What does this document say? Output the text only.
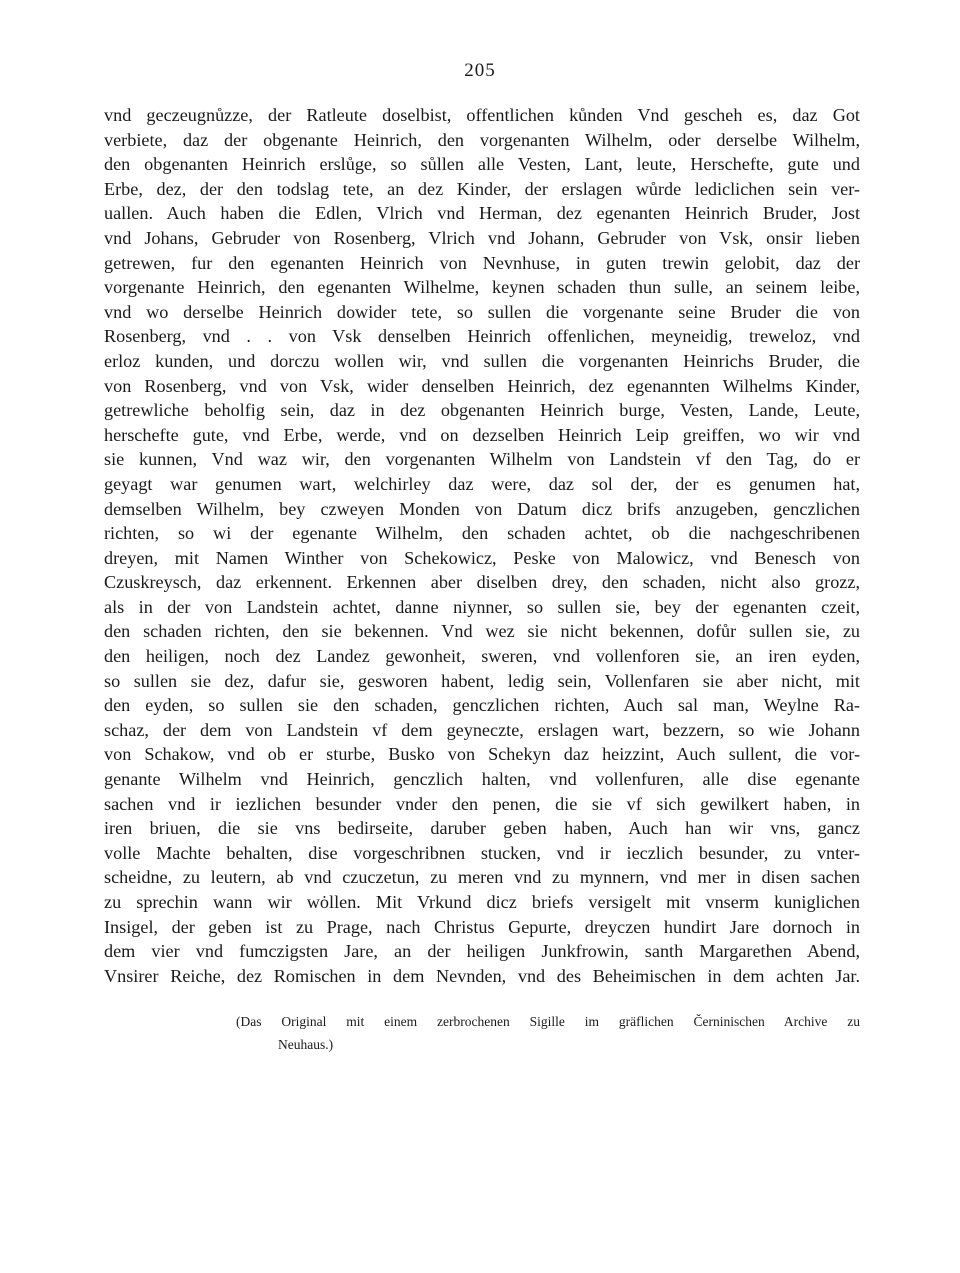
205
vnd geczeugnůzze, der Ratleute doselbist, offentlichen kůnden Vnd gescheh es, daz Got
verbiete, daz der obgenante Heinrich, den vorgenanten Wilhelm, oder derselbe Wilhelm,
den obgenanten Heinrich erslůge, so sůllen alle Vesten, Lant, leute, Herschefte, gute und
Erbe, dez, der den todslag tete, an dez Kinder, der erslagen wůrde lediclichen sein ver-
uallen. Auch haben die Edlen, Vlrich vnd Herman, dez egenanten Heinrich Bruder, Jost
vnd Johans, Gebruder von Rosenberg, Vlrich vnd Johann, Gebruder von Vsk, onsir lieben
getrewen, fur den egenanten Heinrich von Nevnhuse, in guten trewin gelobit, daz der
vorgenante Heinrich, den egenanten Wilhelme, keynen schaden thun sulle, an seinem leibe,
vnd wo derselbe Heinrich dowider tete, so sullen die vorgenante seine Bruder die von
Rosenberg, vnd . . von Vsk denselben Heinrich offenlichen, meyneidig, treweloz, vnd
erloz kunden, und dorczu wollen wir, vnd sullen die vorgenanten Heinrichs Bruder, die
von Rosenberg, vnd von Vsk, wider denselben Heinrich, dez egenannten Wilhelms Kinder,
getrewliche beholfig sein, daz in dez obgenanten Heinrich burge, Vesten, Lande, Leute,
herschefte gute, vnd Erbe, werde, vnd on dezselben Heinrich Leip greiffen, wo wir vnd
sie kunnen, Vnd waz wir, den vorgenanten Wilhelm von Landstein vf den Tag, do er
geyagt war genumen wart, welchirley daz were, daz sol der, der es genumen hat,
demselben Wilhelm, bey czweyen Monden von Datum dicz brifs anzugeben, genczlichen
richten, so wi der egenante Wilhelm, den schaden achtet, ob die nachgeschribenen
dreyen, mit Namen Winther von Schekowicz, Peske von Malowicz, vnd Benesch von
Czuskreysch, daz erkennent. Erkennen aber diselben drey, den schaden, nicht also grozz,
als in der von Landstein achtet, danne niynner, so sullen sie, bey der egenanten czeit,
den schaden richten, den sie bekennen. Vnd wez sie nicht bekennen, dofůr sullen sie, zu
den heiligen, noch dez Landez gewonheit, sweren, vnd vollenforen sie, an iren eyden,
so sullen sie dez, dafur sie, gesworen habent, ledig sein, Vollenfaren sie aber nicht, mit
den eyden, so sullen sie den schaden, genczlichen richten, Auch sal man, Weylne Ra-
schaz, der dem von Landstein vf dem geyneczte, erslagen wart, bezzern, so wie Johann
von Schakow, vnd ob er sturbe, Busko von Schekyn daz heizzint, Auch sullent, die vor-
genante Wilhelm vnd Heinrich, genczlich halten, vnd vollenfuren, alle dise egenante
sachen vnd ir iezlichen besunder vnder den penen, die sie vf sich gewilkert haben, in
iren briuen, die sie vns bedirseite, daruber geben haben, Auch han wir vns, gancz
volle Machte behalten, dise vorgeschribnen stucken, vnd ir ieczlich besunder, zu vnter-
scheidne, zu leutern, ab vnd czuczetun, zu meren vnd zu mynnern, vnd mer in disen sachen
zu sprechin wann wir wȯllen. Mit Vrkund dicz briefs versigelt mit vnserm kuniglichen
Insigel, der geben ist zu Prage, nach Christus Gepurte, dreyczen hundirt Jare dornoch in
dem vier vnd fumczigsten Jare, an der heiligen Junkfrowin, santh Margarethen Abend,
Vnsirer Reiche, dez Romischen in dem Nevnden, vnd des Beheimischen in dem achten Jar.
(Das Original mit einem zerbrochenen Sigille im gräflichen Černinischen Archive zu
Neuhaus.)
